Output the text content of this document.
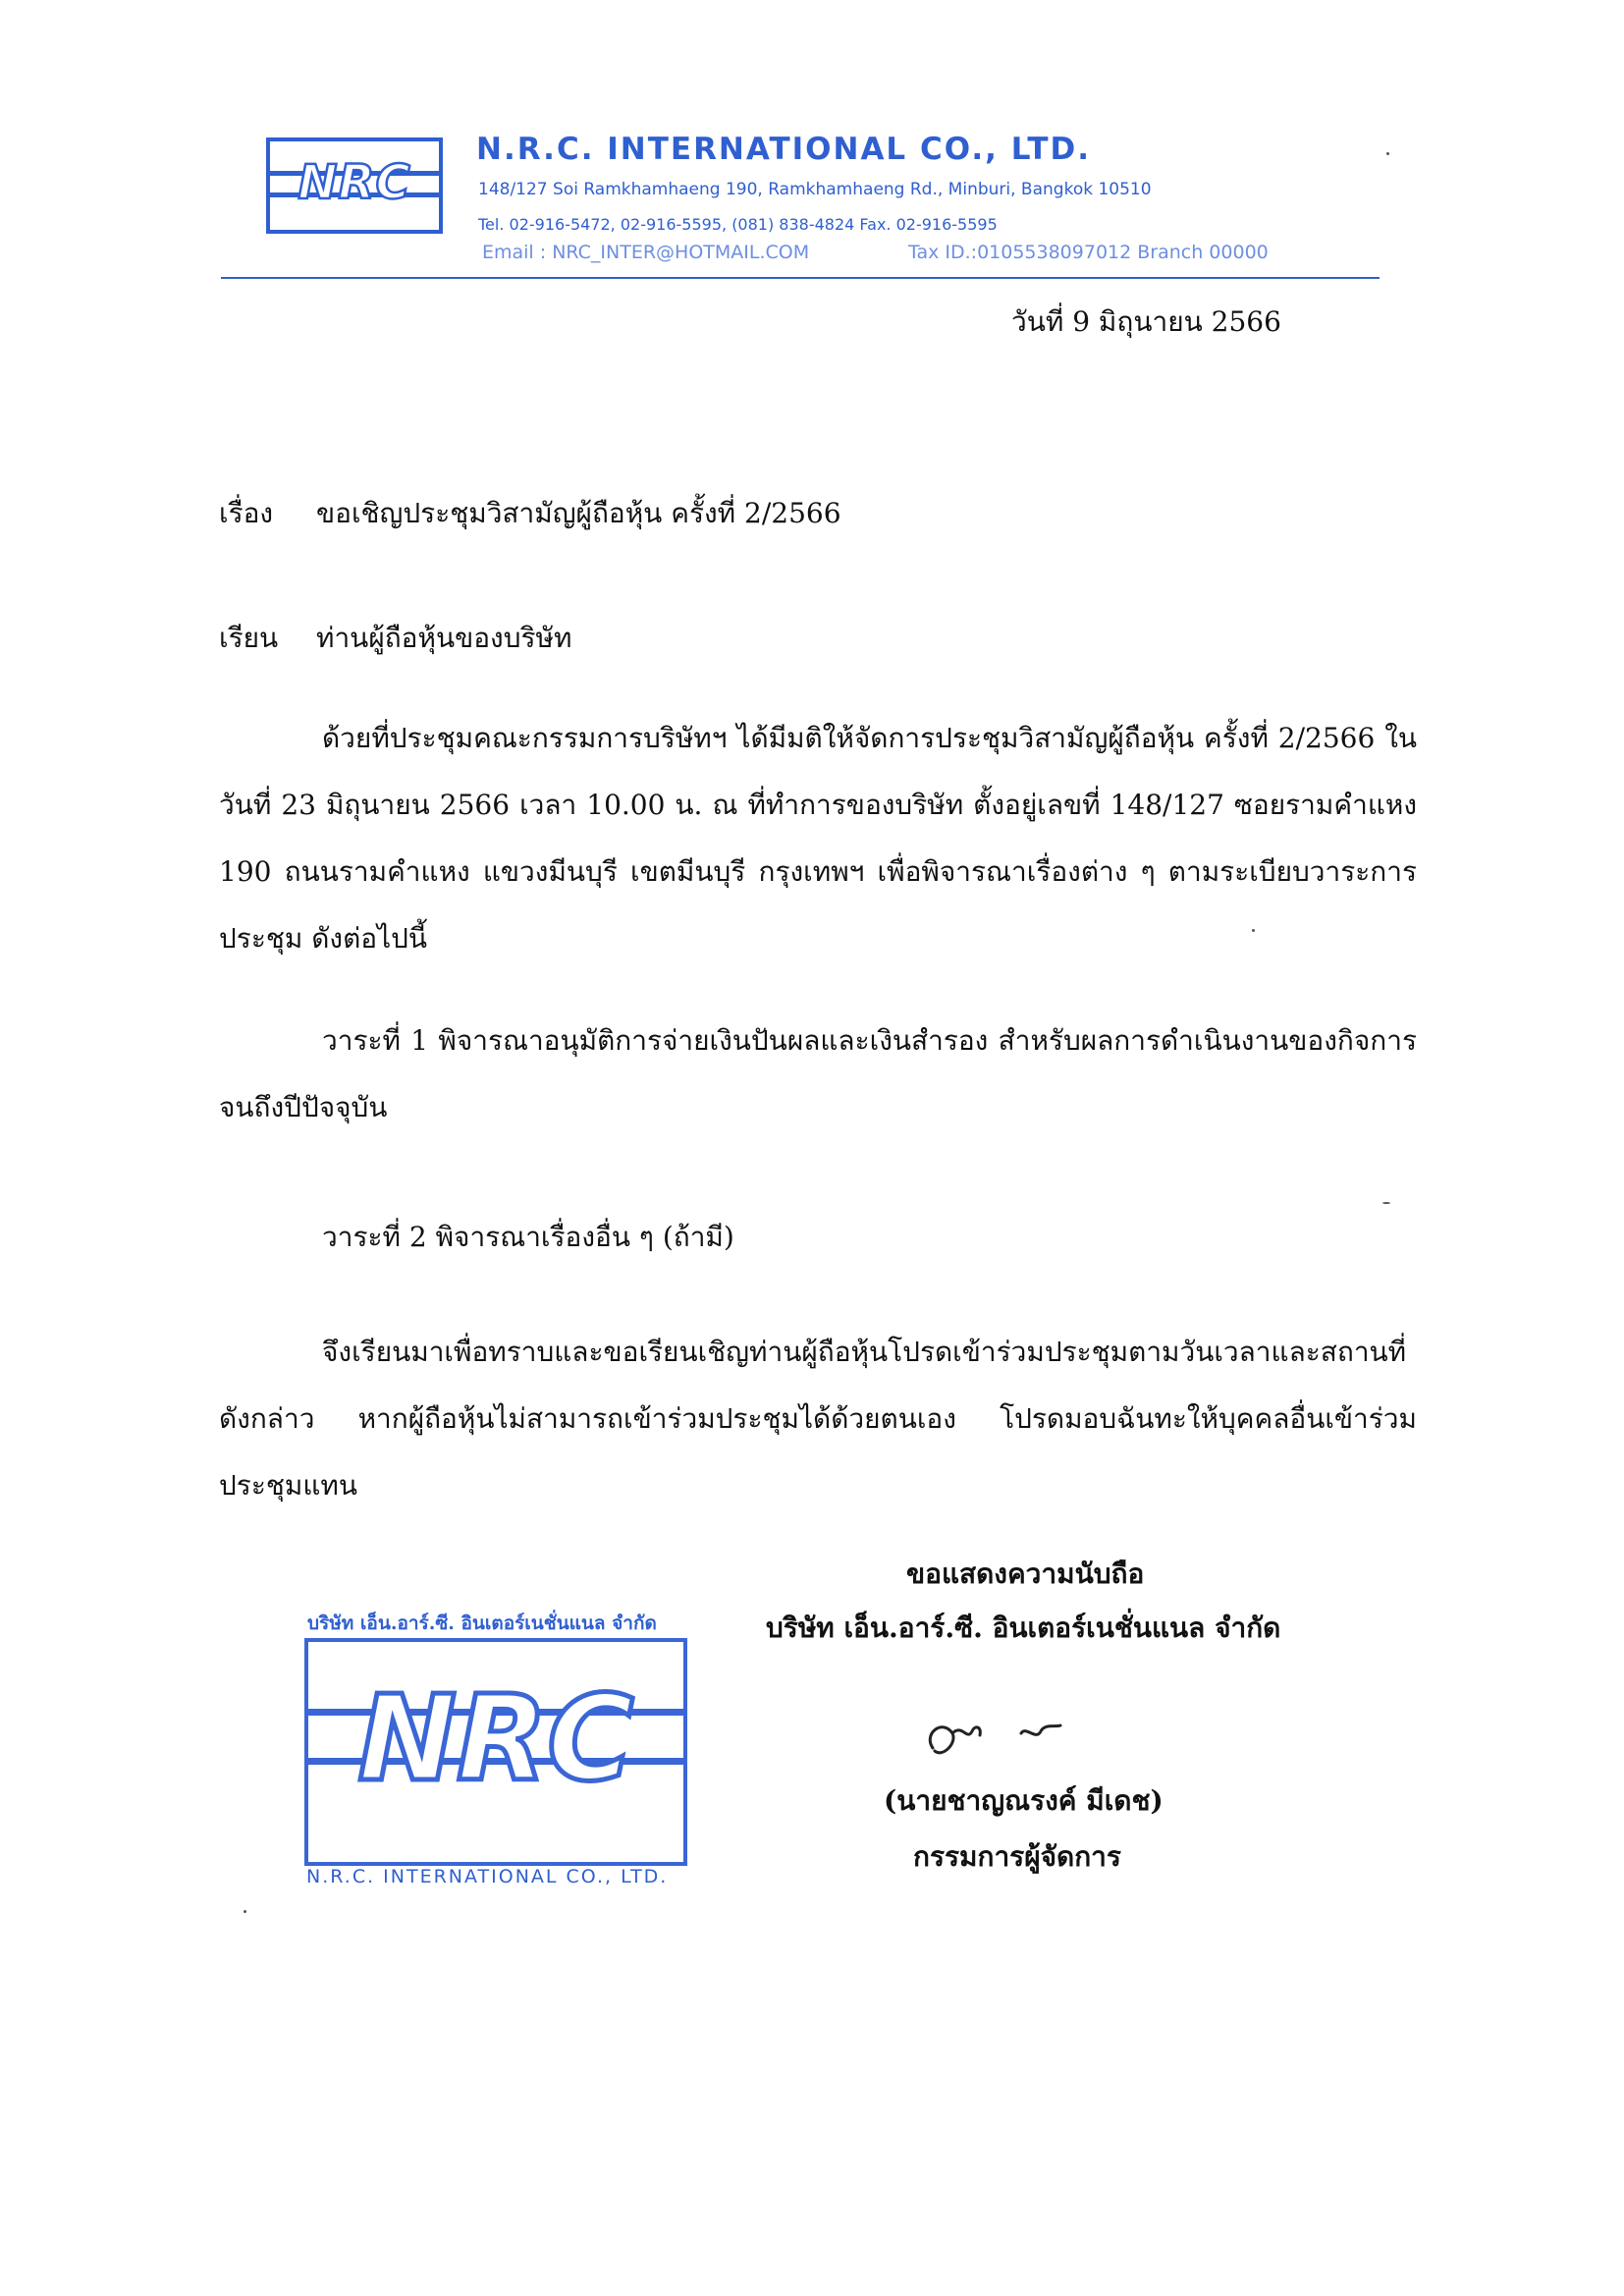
NRC
N.R.C. INTERNATIONAL CO., LTD.
148/127 Soi Ramkhamhaeng 190, Ramkhamhaeng Rd., Minburi, Bangkok 10510
Tel. 02-916-5472, 02-916-5595, (081) 838-4824 Fax. 02-916-5595
Email : NRC_INTER@HOTMAIL.COM	Tax ID.:0105538097012 Branch 00000
วันที่ 9 มิถุนายน 2566
เรื่อง ขอเชิญประชุมวิสามัญผู้ถือหุ้น ครั้งที่ 2/2566
เรียน ท่านผู้ถือหุ้นของบริษัท
ด้วยที่ประชุมคณะกรรมการบริษัทฯ ได้มีมติให้จัดการประชุมวิสามัญผู้ถือหุ้น ครั้งที่ 2/2566 ใน วันที่ 23 มิถุนายน 2566 เวลา 10.00 น. ณ ที่ทำการของบริษัท ตั้งอยู่เลขที่ 148/127 ซอยรามคำแหง 190 ถนนรามคำแหง แขวงมีนบุรี เขตมีนบุรี กรุงเทพฯ เพื่อพิจารณาเรื่องต่าง ๆ ตามระเบียบวาระการประชุม ดังต่อไปนี้
วาระที่ 1 พิจารณาอนุมัติการจ่ายเงินปันผลและเงินสำรอง สำหรับผลการดำเนินงานของกิจการ จนถึงปีปัจจุบัน
วาระที่ 2 พิจารณาเรื่องอื่น ๆ (ถ้ามี)
จึงเรียนมาเพื่อทราบและขอเรียนเชิญท่านผู้ถือหุ้นโปรดเข้าร่วมประชุมตามวันเวลาและสถานที่ ดังกล่าว หากผู้ถือหุ้นไม่สามารถเข้าร่วมประชุมได้ด้วยตนเอง โปรดมอบฉันทะให้บุคคลอื่นเข้าร่วม ประชุมแทน
บริษัท เอ็น.อาร์.ซี. อินเตอร์เนชั่นแนล จำกัด
NRC
N.R.C. INTERNATIONAL CO., LTD.
ขอแสดงความนับถือ
บริษัท เอ็น.อาร์.ซี. อินเตอร์เนชั่นแนล จำกัด
(นายชาญณรงค์ มีเดช)
กรรมการผู้จัดการ
